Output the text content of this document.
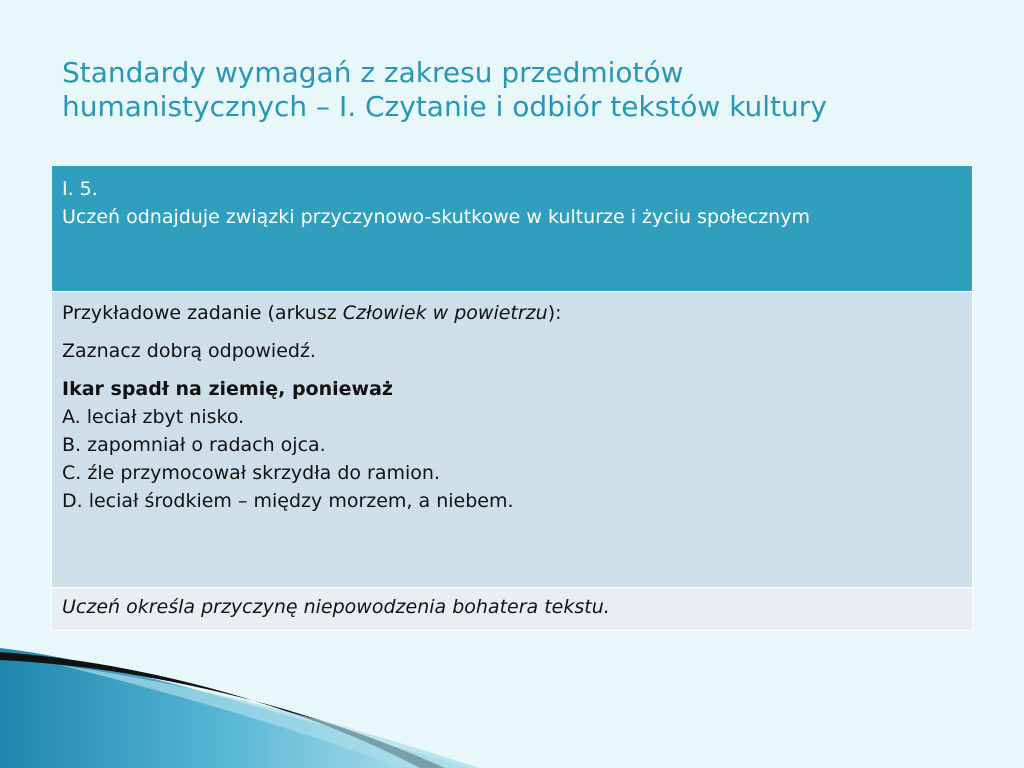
Standardy wymagań z zakresu przedmiotów
humanistycznych – I. Czytanie i odbiór tekstów kultury
I. 5.
Uczeń odnajduje związki przyczynowo-skutkowe w kulturze i życiu społecznym

Przykładowe zadanie (arkusz Człowiek w powietrzu):

Zaznacz dobrą odpowiedź.

Ikar spadł na ziemię, ponieważ
A. leciał zbyt nisko.
B. zapomniał o radach ojca.
C. źle przymocował skrzydła do ramion.
D. leciał środkiem – między morzem, a niebem.

Uczeń określa przyczynę niepowodzenia bohatera tekstu.
